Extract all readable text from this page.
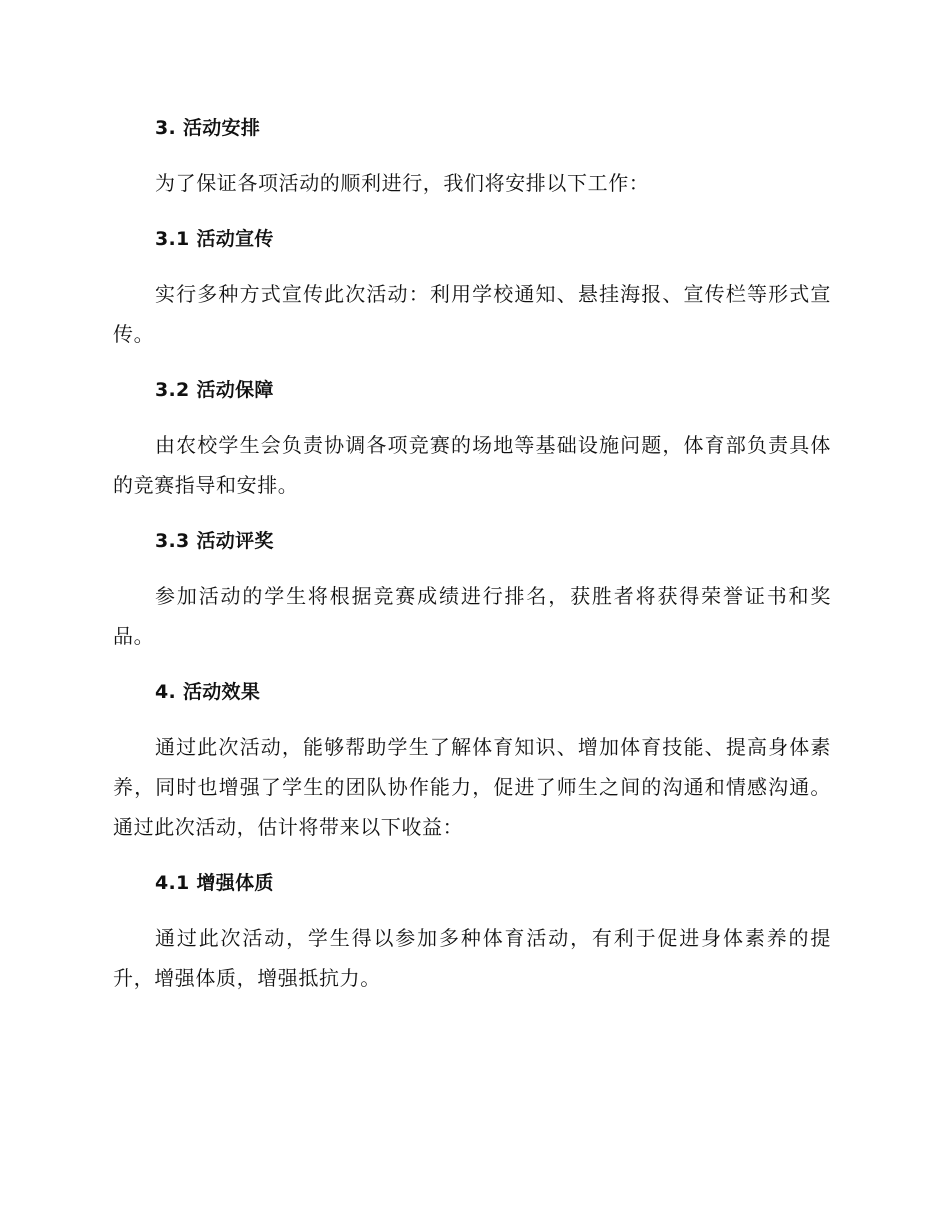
3. 活动安排

为了保证各项活动的顺利进行，我们将安排以下工作：

3.1 活动宣传

实行多种方式宣传此次活动：利用学校通知、悬挂海报、宣传栏等形式宣传。

3.2 活动保障

由农校学生会负责协调各项竞赛的场地等基础设施问题，体育部负责具体的竞赛指导和安排。

3.3 活动评奖

参加活动的学生将根据竞赛成绩进行排名，获胜者将获得荣誉证书和奖品。

4. 活动效果

通过此次活动，能够帮助学生了解体育知识、增加体育技能、提高身体素养，同时也增强了学生的团队协作能力，促进了师生之间的沟通和情感沟通。通过此次活动，估计将带来以下收益：

4.1 增强体质

通过此次活动，学生得以参加多种体育活动，有利于促进身体素养的提升，增强体质，增强抵抗力。
